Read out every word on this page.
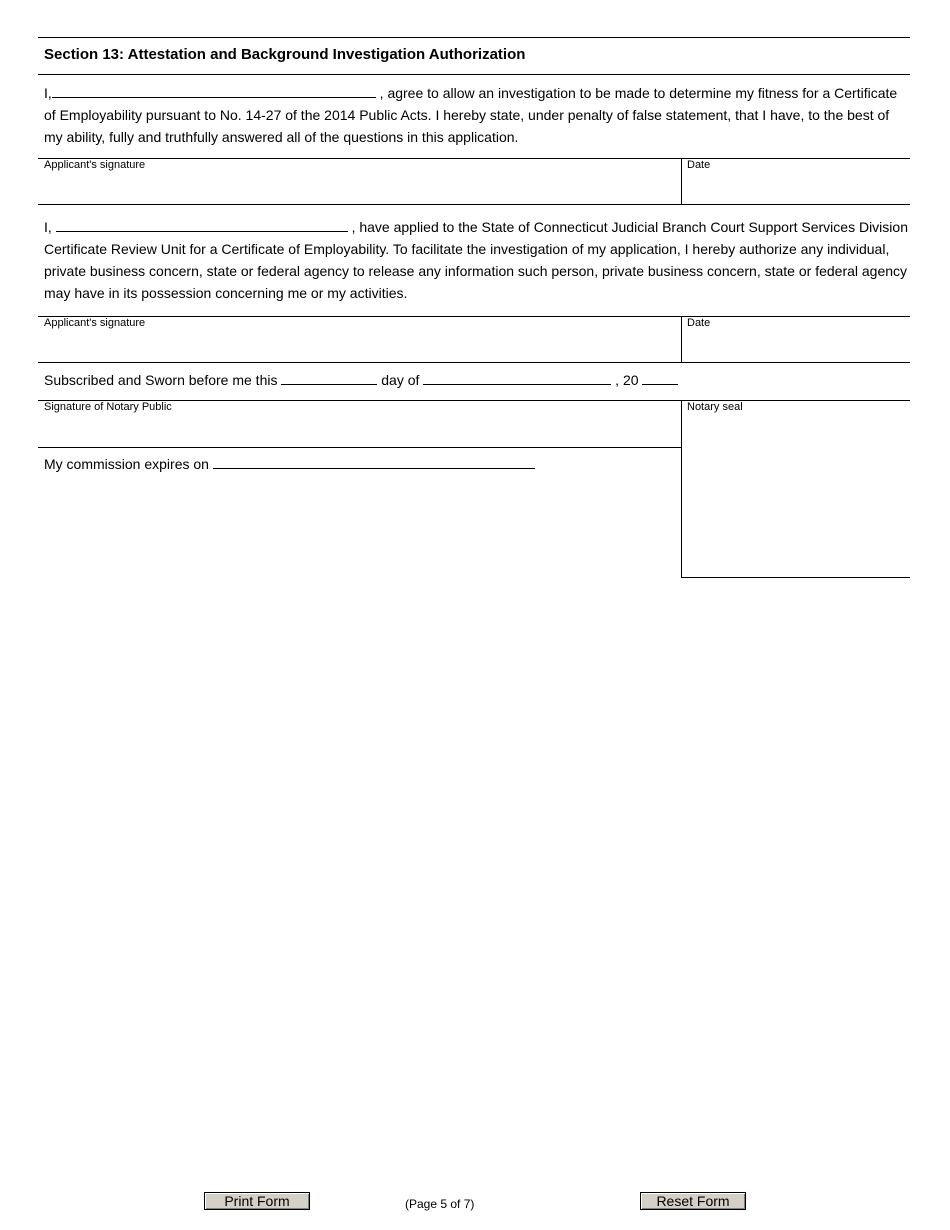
Section 13: Attestation and Background Investigation Authorization
I,	, agree to allow an investigation to be made to determine my fitness for a Certificate
of Employability pursuant to No. 14-27 of the 2014 Public Acts. I hereby state, under penalty of false statement, that I have, to the best of
my ability, fully and truthfully answered all of the questions in this application.
Applicant's signature	Date
I,	, have applied to the State of Connecticut Judicial Branch Court Support Services Division
Certificate Review Unit for a Certificate of Employability. To facilitate the investigation of my application, I hereby authorize any individual,
private business concern, state or federal agency to release any information such person, private business concern, state or federal agency
may have in its possession concerning me or my activities.
Applicant's signature	Date
Subscribed and Sworn before me this	day of	, 20
Signature of Notary Public	Notary seal
My commission expires on
Print Form	(Page 5 of 7)	Reset Form
